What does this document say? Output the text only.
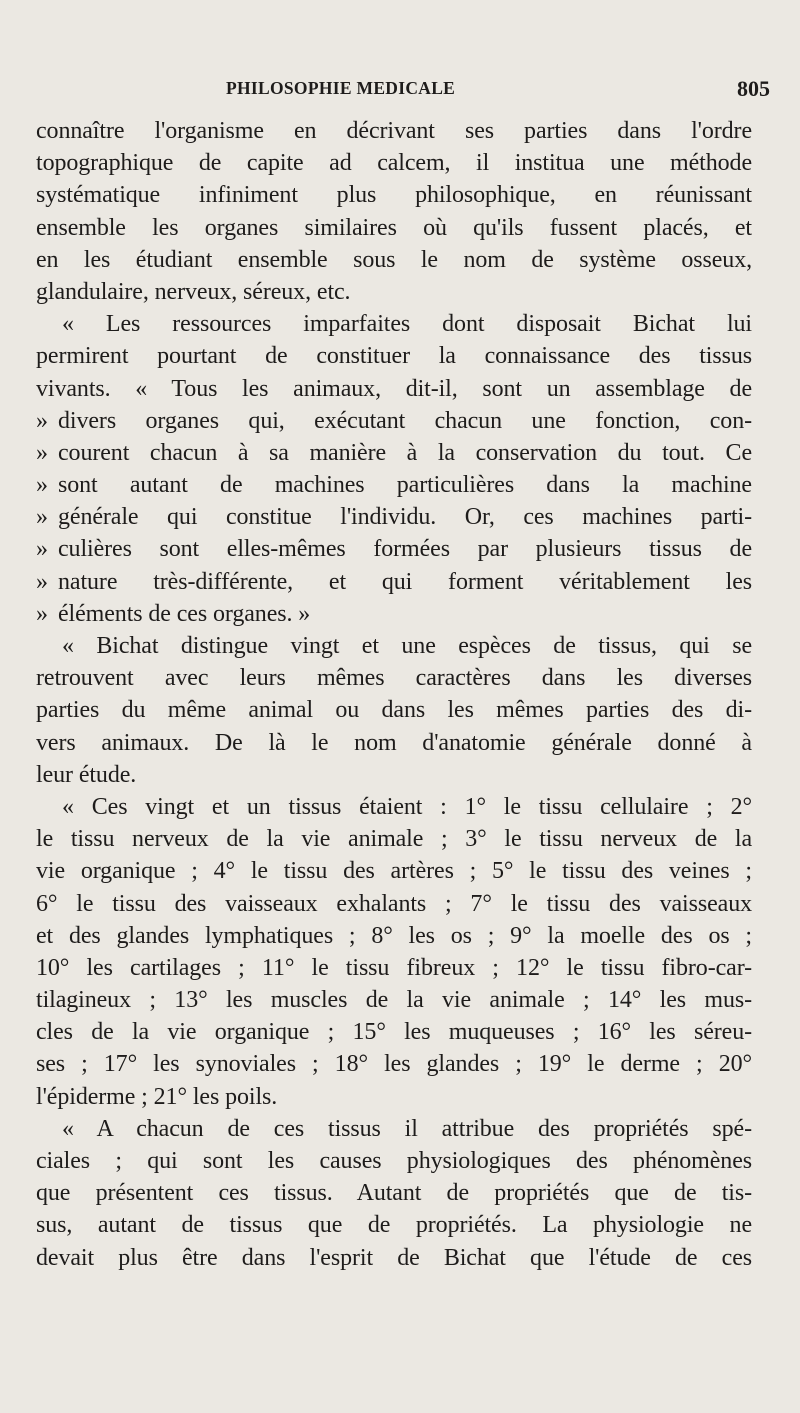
PHILOSOPHIE MEDICALE	805
connaître l'organisme en décrivant ses parties dans l'ordre
topographique de capite ad calcem, il institua une méthode
systématique infiniment plus philosophique, en réunissant
ensemble les organes similaires où qu'ils fussent placés, et
en les étudiant ensemble sous le nom de système osseux,
glandulaire, nerveux, séreux, etc.
« Les ressources imparfaites dont disposait Bichat lui
permirent pourtant de constituer la connaissance des tissus
vivants. « Tous les animaux, dit-il, sont un assemblage de
» divers organes qui, exécutant chacun une fonction, con-
» courent chacun à sa manière à la conservation du tout. Ce
» sont autant de machines particulières dans la machine
» générale qui constitue l'individu. Or, ces machines parti-
» culières sont elles-mêmes formées par plusieurs tissus de
» nature très-différente, et qui forment véritablement les
» éléments de ces organes. »
« Bichat distingue vingt et une espèces de tissus, qui se
retrouvent avec leurs mêmes caractères dans les diverses
parties du même animal ou dans les mêmes parties des di-
vers animaux. De là le nom d'anatomie générale donné à
leur étude.
« Ces vingt et un tissus étaient : 1° le tissu cellulaire ; 2°
le tissu nerveux de la vie animale ; 3° le tissu nerveux de la
vie organique ; 4° le tissu des artères ; 5° le tissu des veines ;
6° le tissu des vaisseaux exhalants ; 7° le tissu des vaisseaux
et des glandes lymphatiques ; 8° les os ; 9° la moelle des os ;
10° les cartilages ; 11° le tissu fibreux ; 12° le tissu fibro-car-
tilagineux ; 13° les muscles de la vie animale ; 14° les mus-
cles de la vie organique ; 15° les muqueuses ; 16° les séreu-
ses ; 17° les synoviales ; 18° les glandes ; 19° le derme ; 20°
l'épiderme ; 21° les poils.
« A chacun de ces tissus il attribue des propriétés spé-
ciales ; qui sont les causes physiologiques des phénomènes
que présentent ces tissus. Autant de propriétés que de tis-
sus, autant de tissus que de propriétés. La physiologie ne
devait plus être dans l'esprit de Bichat que l'étude de ces
